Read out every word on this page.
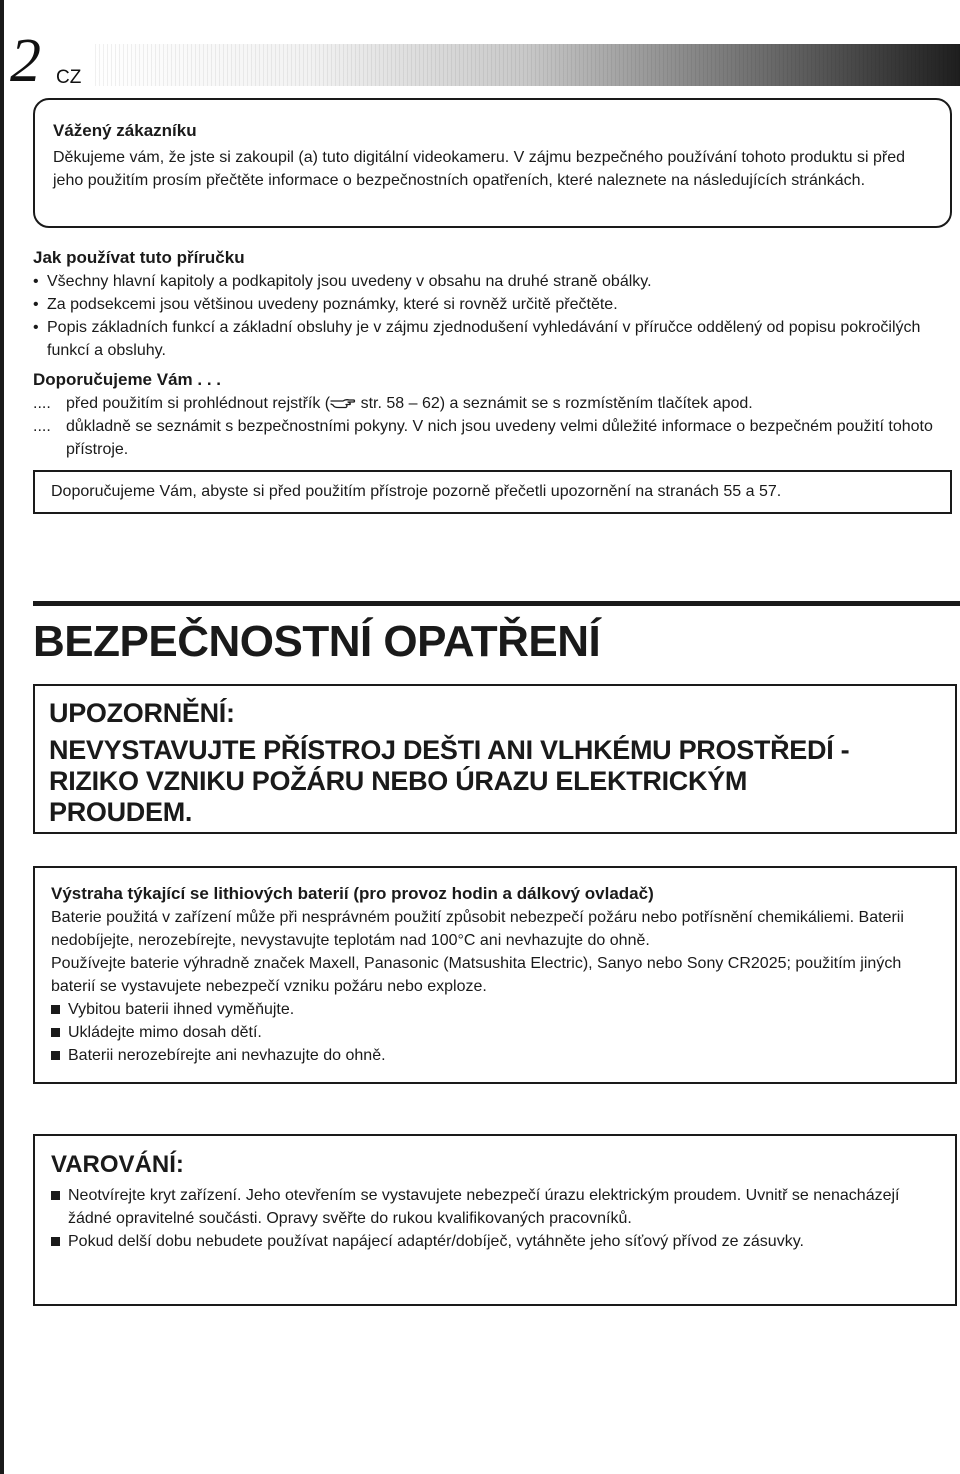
2 CZ
Vážený zákazníku
Děkujeme vám, že jste si zakoupil (a) tuto digitální videokameru. V zájmu bezpečného používání tohoto produktu si před jeho použitím prosím přečtěte informace o bezpečnostních opatřeních, které naleznete na následujících stránkách.
Jak používat tuto příručku
• Všechny hlavní kapitoly a podkapitoly jsou uvedeny v obsahu na druhé straně obálky.
• Za podsekcemi jsou většinou uvedeny poznámky, které si rovněž určitě přečtěte.
• Popis základních funkcí a základní obsluhy je v zájmu zjednodušení vyhledávání v příručce oddělený od popisu pokročilých funkcí a obsluhy.
Doporučujeme Vám . . .
.... před použitím si prohlédnout rejstřík ( str. 58 – 62) a seznámit se s rozmístěním tlačítek apod.
.... důkladně se seznámit s bezpečnostními pokyny. V nich jsou uvedeny velmi důležité informace o bezpečném použití tohoto přístroje.
Doporučujeme Vám, abyste si před použitím přístroje pozorně přečetli upozornění na stranách 55 a 57.
BEZPEČNOSTNÍ OPATŘENÍ
UPOZORNĚNÍ:
NEVYSTAVUJTE PŘÍSTROJ DEŠTI ANI VLHKÉMU PROSTŘEDÍ -
RIZIKO VZNIKU POŽÁRU NEBO ÚRAZU ELEKTRICKÝM
PROUDEM.
Výstraha týkající se lithiových baterií (pro provoz hodin a dálkový ovladač)
Baterie použitá v zařízení může při nesprávném použití způsobit nebezpečí požáru nebo potřísnění chemikáliemi. Baterii nedobíjejte, nerozebírejte, nevystavujte teplotám nad 100°C ani nevhazujte do ohně.
Používejte baterie výhradně značek Maxell, Panasonic (Matsushita Electric), Sanyo nebo Sony CR2025; použitím jiných baterií se vystavujete nebezpečí vzniku požáru nebo exploze.
Vybitou baterii ihned vyměňujte.
Ukládejte mimo dosah dětí.
Baterii nerozebírejte ani nevhazujte do ohně.
VAROVÁNÍ:
Neotvírejte kryt zařízení. Jeho otevřením se vystavujete nebezpečí úrazu elektrickým proudem. Uvnitř se nenacházejí žádné opravitelné součásti. Opravy svěřte do rukou kvalifikovaných pracovníků.
Pokud delší dobu nebudete používat napájecí adaptér/dobíječ, vytáhněte jeho síťový přívod ze zásuvky.
